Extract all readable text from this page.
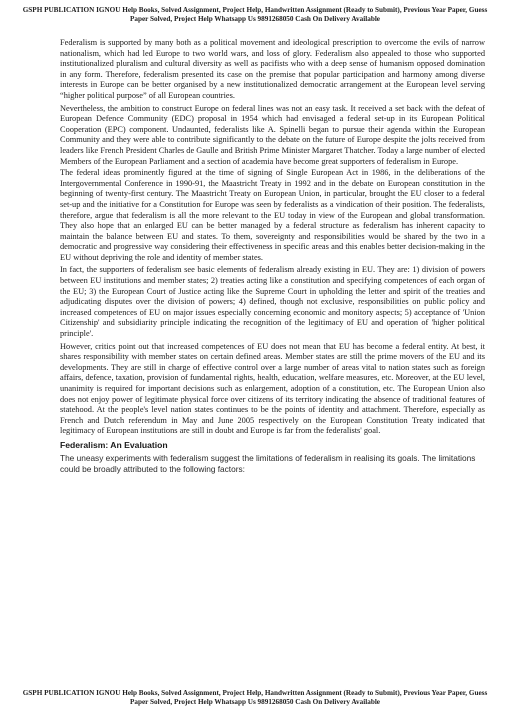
GSPH PUBLICATION IGNOU Help Books, Solved Assignment, Project Help, Handwritten Assignment (Ready to Submit), Previous Year Paper, Guess Paper Solved, Project Help Whatsapp Us 9891268050 Cash On Delivery Available

Federalism is supported by many both as a political movement and ideological prescription to overcome the evils of narrow nationalism, which had led Europe to two world wars, and loss of glory. Federalism also appealed to those who supported institutionalized pluralism and cultural diversity as well as pacifists who with a deep sense of humanism opposed domination in any form. Therefore, federalism presented its case on the premise that popular participation and harmony among diverse interests in Europe can be better organised by a new institutionalized democratic arrangement at the European level serving “higher political purpose” of all European countries.

Nevertheless, the ambition to construct Europe on federal lines was not an easy task. It received a set back with the defeat of European Defence Community (EDC) proposal in 1954 which had envisaged a federal set-up in its European Political Cooperation (EPC) component. Undaunted, federalists like A. Spinelli began to pursue their agenda within the European Community and they were able to contribute significantly to the debate on the future of Europe despite the jolts received from leaders like French President Charles de Gaulle and British Prime Minister Margaret Thatcher. Today a large number of elected Members of the European Parliament and a section of academia have become great supporters of federalism in Europe.

The federal ideas prominently figured at the time of signing of Single European Act in 1986, in the deliberations of the Intergovernmental Conference in 1990-91, the Maastricht Treaty in 1992 and in the debate on European constitution in the beginning of twenty-first century. The Maastricht Treaty on European Union, in particular, brought the EU closer to a federal set-up and the initiative for a Constitution for Europe was seen by federalists as a vindication of their position. The federalists, therefore, argue that federalism is all the more relevant to the EU today in view of the European and global transformation. They also hope that an enlarged EU can be better managed by a federal structure as federalism has inherent capacity to maintain the balance between EU and states. To them, sovereignty and responsibilities would be shared by the two in a democratic and progressive way considering their effectiveness in specific areas and this enables better decision-making in the EU without depriving the role and identity of member states.

In fact, the supporters of federalism see basic elements of federalism already existing in EU. They are: 1) division of powers between EU institutions and member states; 2) treaties acting like a constitution and specifying competences of each organ of the EU; 3) the European Court of Justice acting like the Supreme Court in upholding the letter and spirit of the treaties and adjudicating disputes over the division of powers; 4) defined, though not exclusive, responsibilities on public policy and increased competences of EU on major issues especially concerning economic and monitory aspects; 5) acceptance of 'Union Citizenship' and subsidiarity principle indicating the recognition of the legitimacy of EU and operation of 'higher political principle'.

However, critics point out that increased competences of EU does not mean that EU has become a federal entity. At best, it shares responsibility with member states on certain defined areas. Member states are still the prime movers of the EU and its developments. They are still in charge of effective control over a large number of areas vital to nation states such as foreign affairs, defence, taxation, provision of fundamental rights, health, education, welfare measures, etc. Moreover, at the EU level, unanimity is required for important decisions such as enlargement, adoption of a constitution, etc. The European Union also does not enjoy power of legitimate physical force over citizens of its territory indicating the absence of traditional features of statehood. At the people's level nation states continues to be the points of identity and attachment. Therefore, especially as French and Dutch referendum in May and June 2005 respectively on the European Constitution Treaty indicated that legitimacy of European institutions are still in doubt and Europe is far from the federalists' goal.

Federalism: An Evaluation
The uneasy experiments with federalism suggest the limitations of federalism in realising its goals. The limitations could be broadly attributed to the following factors:
GSPH PUBLICATION IGNOU Help Books, Solved Assignment, Project Help, Handwritten Assignment (Ready to Submit), Previous Year Paper, Guess Paper Solved, Project Help Whatsapp Us 9891268050 Cash On Delivery Available
